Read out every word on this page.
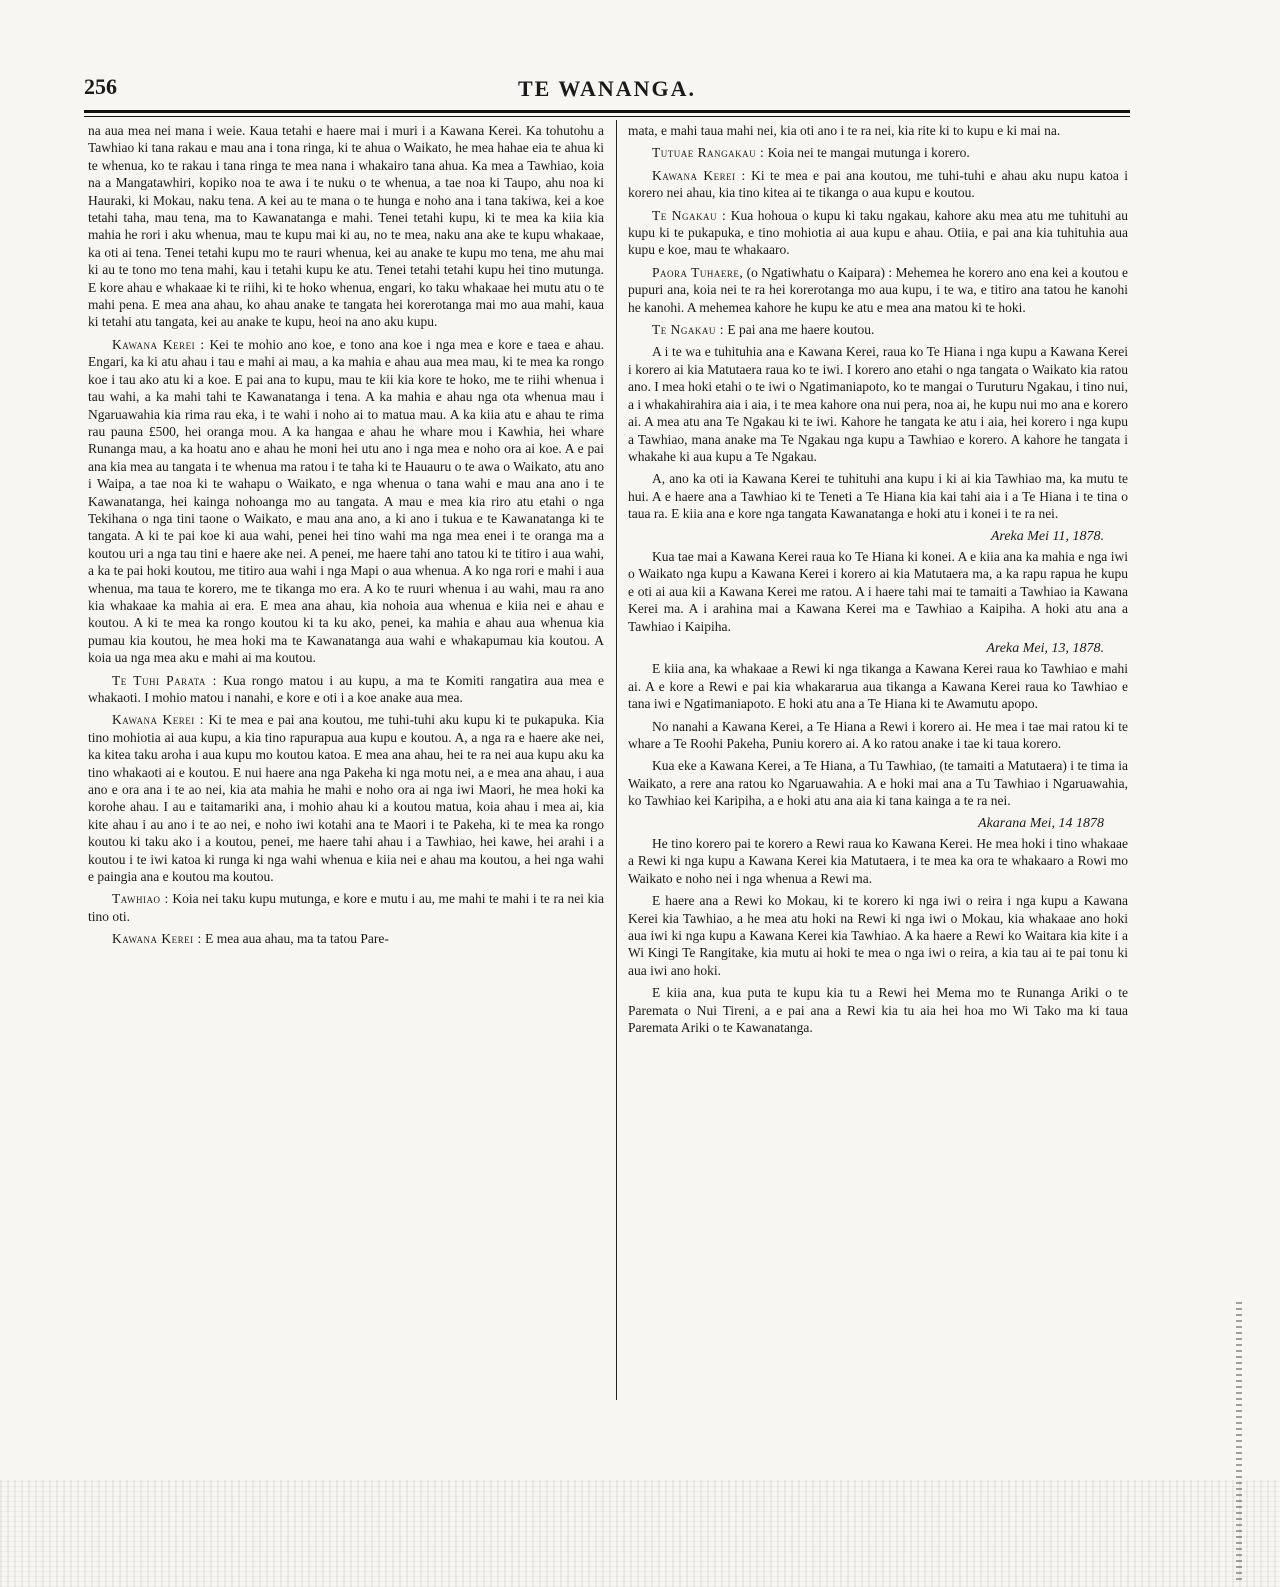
256	TE WANANGA.

na aua mea nei mana i weie. Kaua tetahi e haere mai i muri i a Kawana Kerei. Ka tohutohu a Tawhiao ki tana rakau e mau ana i tona ringa, ki te ahua o Waikato, he mea hahae eia te ahua ki te whenua, ko te rakau i tana ringa te mea nana i whakairo tana ahua. Ka mea a Tawhiao, koia na a Mangatawhiri, kopiko noa te awa i te nuku o te whenua, a tae noa ki Taupo, ahu noa ki Hauraki, ki Mokau, naku tena. A kei au te mana o te hunga e noho ana i tana takiwa, kei a koe tetahi taha, mau tena, ma to Kawanatanga e mahi. Tenei tetahi kupu, ki te mea ka kiia kia mahia he rori i aku whenua, mau te kupu mai ki au, no te mea, naku ana ake te kupu whakaae, ka oti ai tena. Tenei tetahi kupu mo te rauri whenua, kei au anake te kupu mo tena, me ahu mai ki au te tono mo tena mahi, kau i tetahi kupu ke atu. Tenei tetahi tetahi kupu hei tino mutunga. E kore ahau e whakaae ki te riihi, ki te hoko whenua, engari, ko taku whakaae hei mutu atu o te mahi pena. E mea ana ahau, ko ahau anake te tangata hei korerotanga mai mo aua mahi, kaua ki tetahi atu tangata, kei au anake te kupu, heoi na ano aku kupu.

Kawana Kerei : Kei te mohio ano koe, e tono ana koe i nga mea e kore e taea e ahau. Engari, ka ki atu ahau i tau e mahi ai mau, a ka mahia e ahau aua mea mau, ki te mea ka rongo koe i tau ako atu ki a koe. E pai ana to kupu, mau te kii kia kore te hoko, me te riihi whenua i tau wahi, a ka mahi tahi te Kawanatanga i tena. A ka mahia e ahau nga ota whenua mau i Ngaruawahia kia rima rau eka, i te wahi i noho ai to matua mau. A ka kiia atu e ahau te rima rau pauna £500, hei oranga mou. A ka hangaa e ahau he whare mou i Kawhia, hei whare Runanga mau, a ka hoatu ano e ahau he moni hei utu ano i nga mea e noho ora ai koe. A e pai ana kia mea au tangata i te whenua ma ratou i te taha ki te Hauauru o te awa o Waikato, atu ano i Waipa, a tae noa ki te wahapu o Waikato, e nga whenua o tana wahi e mau ana ano i te Kawanatanga, hei kainga nohoanga mo au tangata. A mau e mea kia riro atu etahi o nga Tekihana o nga tini taone o Waikato, e mau ana ano, a ki ano i tukua e te Kawanatanga ki te tangata. A ki te pai koe ki aua wahi, penei hei tino wahi ma nga mea enei i te oranga ma a koutou uri a nga tau tini e haere ake nei. A penei, me haere tahi ano tatou ki te titiro i aua wahi, a ka te pai hoki koutou, me titiro aua wahi i nga Mapi o aua whenua. A ko nga rori e mahi i aua whenua, ma taua te korero, me te tikanga mo era. A ko te ruuri whenua i au wahi, mau ra ano kia whakaae ka mahia ai era. E mea ana ahau, kia nohoia aua whenua e kiia nei e ahau e koutou. A ki te mea ka rongo koutou ki ta ku ako, penei, ka mahia e ahau aua whenua kia pumau kia koutou, he mea hoki ma te Kawanatanga aua wahi e whakapumau kia koutou. A koia ua nga mea aku e mahi ai ma koutou.

Te Tuhi Parata : Kua rongo matou i au kupu, a ma te Komiti rangatira aua mea e whakaoti. I mohio matou i nanahi, e kore e oti i a koe anake aua mea.

Kawana Kerei : Ki te mea e pai ana koutou, me tuhi-tuhi aku kupu ki te pukapuka. Kia tino mohiotia ai aua kupu, a kia tino rapurapua aua kupu e koutou. A, a nga ra e haere ake nei, ka kitea taku aroha i aua kupu mo koutou katoa. E mea ana ahau, hei te ra nei aua kupu aku ka tino whakaoti ai e koutou. E nui haere ana nga Pakeha ki nga motu nei, a e mea ana ahau, i aua ano e ora ana i te ao nei, kia ata mahia he mahi e noho ora ai nga iwi Maori, he mea hoki ka korohe ahau. I au e taitamariki ana, i mohio ahau ki a koutou matua, koia ahau i mea ai, kia kite ahau i au ano i te ao nei, e noho iwi kotahi ana te Maori i te Pakeha, ki te mea ka rongo koutou ki taku ako i a koutou, penei, me haere tahi ahau i a Tawhiao, hei kawe, hei arahi i a koutou i te iwi katoa ki runga ki nga wahi whenua e kiia nei e ahau ma koutou, a hei nga wahi e paingia ana e koutou ma koutou.

Tawhiao : Koia nei taku kupu mutunga, e kore e mutu i au, me mahi te mahi i te ra nei kia tino oti.

Kawana Kerei : E mea aua ahau, ma ta tatou Pare-

mata, e mahi taua mahi nei, kia oti ano i te ra nei, kia rite ki to kupu e ki mai na.

Tutuae Rangakau : Koia nei te mangai mutunga i korero.

Kawana Kerei : Ki te mea e pai ana koutou, me tuhi-tuhi e ahau aku nupu katoa i korero nei ahau, kia tino kitea ai te tikanga o aua kupu e koutou.

Te Ngakau : Kua hohoua o kupu ki taku ngakau, kahore aku mea atu me tuhituhi au kupu ki te pukapuka, e tino mohiotia ai aua kupu e ahau. Otiia, e pai ana kia tuhituhia aua kupu e koe, mau te whakaaro.

Paora Tuhaere, (o Ngatiwhatu o Kaipara) : Mehemea he korero ano ena kei a koutou e pupuri ana, koia nei te ra hei korerotanga mo aua kupu, i te wa, e titiro ana tatou he kanohi he kanohi. A mehemea kahore he kupu ke atu e mea ana matou ki te hoki.

Te Ngakau : E pai ana me haere koutou.

A i te wa e tuhituhia ana e Kawana Kerei, raua ko Te Hiana i nga kupu a Kawana Kerei i korero ai kia Matutaera raua ko te iwi. I korero ano etahi o nga tangata o Waikato kia ratou ano. I mea hoki etahi o te iwi o Ngatimaniapoto, ko te mangai o Turuturu Ngakau, i tino nui, a i whakahirahira aia i aia, i te mea kahore ona nui pera, noa ai, he kupu nui mo ana e korero ai. A mea atu ana Te Ngakau ki te iwi. Kahore he tangata ke atu i aia, hei korero i nga kupu a Tawhiao, mana anake ma Te Ngakau nga kupu a Tawhiao e korero. A kahore he tangata i whakahe ki aua kupu a Te Ngakau.

A, ano ka oti ia Kawana Kerei te tuhituhi ana kupu i ki ai kia Tawhiao ma, ka mutu te hui. A e haere ana a Tawhiao ki te Teneti a Te Hiana kia kai tahi aia i a Te Hiana i te tina o taua ra. E kiia ana e kore nga tangata Kawanatanga e hoki atu i konei i te ra nei.

Areka Mei 11, 1878.

Kua tae mai a Kawana Kerei raua ko Te Hiana ki konei. A e kiia ana ka mahia e nga iwi o Waikato nga kupu a Kawana Kerei i korero ai kia Matutaera ma, a ka rapu rapua he kupu e oti ai aua kii a Kawana Kerei me ratou. A i haere tahi mai te tamaiti a Tawhiao ia Kawana Kerei ma. A i arahina mai a Kawana Kerei ma e Tawhiao a Kaipiha. A hoki atu ana a Tawhiao i Kaipiha.

Areka Mei, 13, 1878.

E kiia ana, ka whakaae a Rewi ki nga tikanga a Kawana Kerei raua ko Tawhiao e mahi ai. A e kore a Rewi e pai kia whakararua aua tikanga a Kawana Kerei raua ko Tawhiao e tana iwi e Ngatimaniapoto. E hoki atu ana a Te Hiana ki te Awamutu apopo.

No nanahi a Kawana Kerei, a Te Hiana a Rewi i korero ai. He mea i tae mai ratou ki te whare a Te Roohi Pakeha, Puniu korero ai. A ko ratou anake i tae ki taua korero.

Kua eke a Kawana Kerei, a Te Hiana, a Tu Tawhiao, (te tamaiti a Matutaera) i te tima ia Waikato, a rere ana ratou ko Ngaruawahia. A e hoki mai ana a Tu Tawhiao i Ngaruawahia, ko Tawhiao kei Karipiha, a e hoki atu ana aia ki tana kainga a te ra nei.

Akarana Mei, 14 1878

He tino korero pai te korero a Rewi raua ko Kawana Kerei. He mea hoki i tino whakaae a Rewi ki nga kupu a Kawana Kerei kia Matutaera, i te mea ka ora te whakaaro a Rowi mo Waikato e noho nei i nga whenua a Rewi ma.

E haere ana a Rewi ko Mokau, ki te korero ki nga iwi o reira i nga kupu a Kawana Kerei kia Tawhiao, a he mea atu hoki na Rewi ki nga iwi o Mokau, kia whakaae ano hoki aua iwi ki nga kupu a Kawana Kerei kia Tawhiao. A ka haere a Rewi ko Waitara kia kite i a Wi Kingi Te Rangitake, kia mutu ai hoki te mea o nga iwi o reira, a kia tau ai te pai tonu ki aua iwi ano hoki.

E kiia ana, kua puta te kupu kia tu a Rewi hei Mema mo te Runanga Ariki o te Paremata o Nui Tireni, a e pai ana a Rewi kia tu aia hei hoa mo Wi Tako ma ki taua Paremata Ariki o te Kawanatanga.
